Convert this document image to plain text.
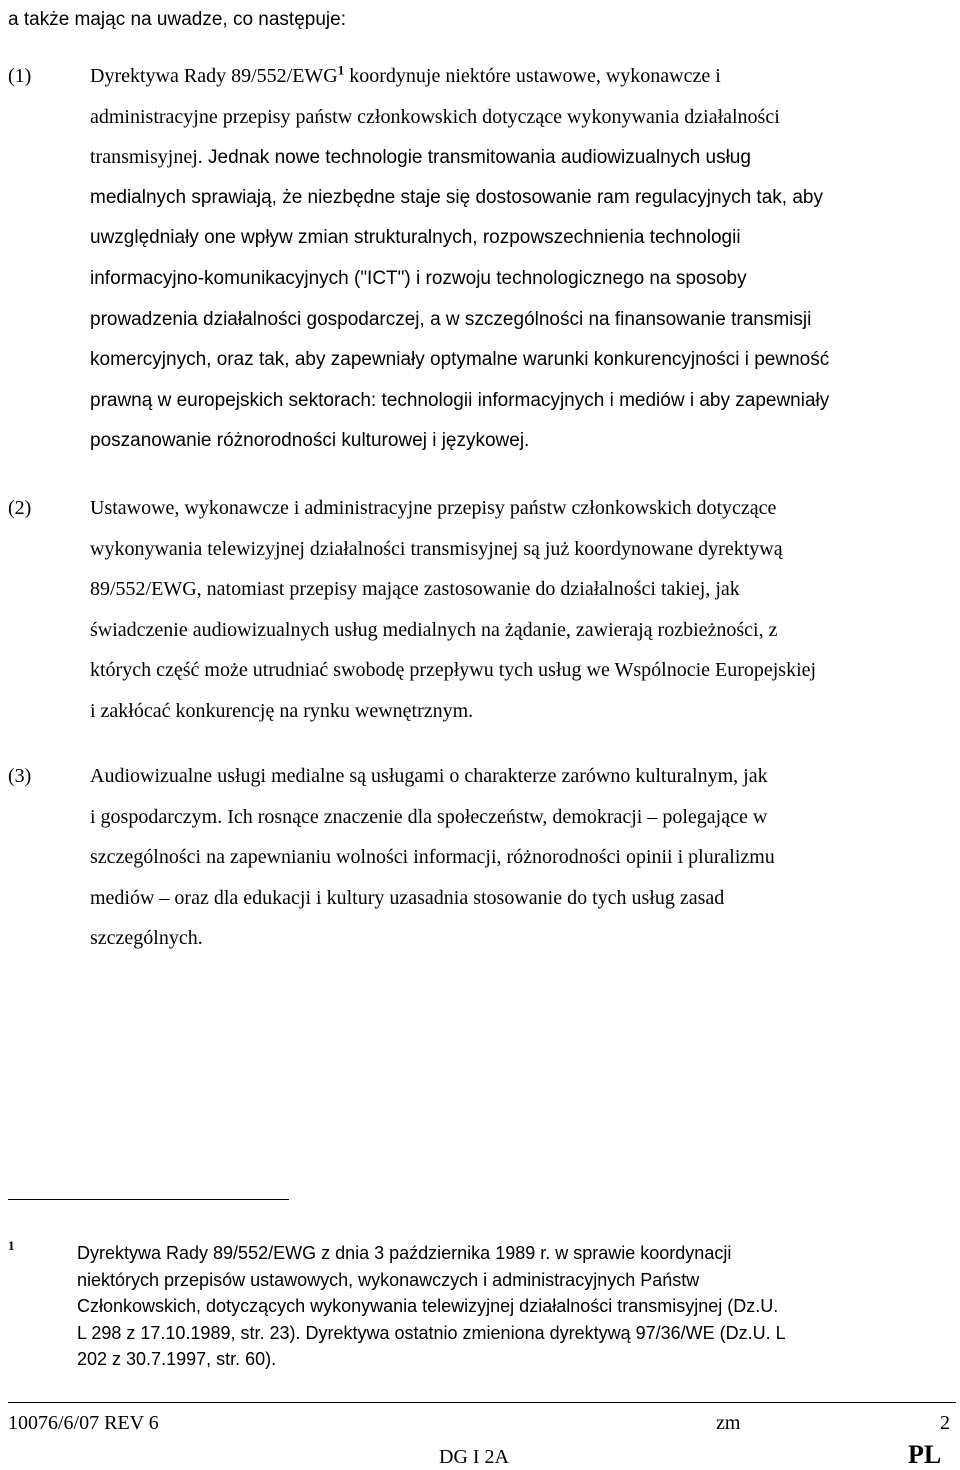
a także mając na uwadze, co następuje:
(1)	Dyrektywa Rady 89/552/EWG$^1$ koordynuje niektóre ustawowe, wykonawcze i
administracyjne przepisy państw członkowskich dotyczące wykonywania działalności
transmisyjnej. Jednak nowe technologie transmitowania audiowizualnych usług
medialnych sprawiają, że niezbędne staje się dostosowanie ram regulacyjnych tak, aby
uwzględniały one wpływ zmian strukturalnych, rozpowszechnienia technologii
informacyjno-komunikacyjnych ("ICT") i rozwoju technologicznego na sposoby
prowadzenia działalności gospodarczej, a w szczególności na finansowanie transmisji
komercyjnych, oraz tak, aby zapewniały optymalne warunki konkurencyjności i pewność
prawną w europejskich sektorach: technologii informacyjnych i mediów i aby zapewniały
poszanowanie różnorodności kulturowej i językowej.
(2)	Ustawowe, wykonawcze i administracyjne przepisy państw członkowskich dotyczące
wykonywania telewizyjnej działalności transmisyjnej są już koordynowane dyrektywą
89/552/EWG, natomiast przepisy mające zastosowanie do działalności takiej, jak
świadczenie audiowizualnych usług medialnych na żądanie, zawierają rozbieżności, z
których część może utrudniać swobodę przepływu tych usług we Wspólnocie Europejskiej
i zakłócać konkurencję na rynku wewnętrznym.
(3)	Audiowizualne usługi medialne są usługami o charakterze zarówno kulturalnym, jak
i gospodarczym. Ich rosnące znaczenie dla społeczeństw, demokracji – polegające w
szczególności na zapewnianiu wolności informacji, różnorodności opinii i pluralizmu
mediów – oraz dla edukacji i kultury uzasadnia stosowanie do tych usług zasad
szczególnych.
1	Dyrektywa Rady 89/552/EWG z dnia 3 października 1989 r. w sprawie koordynacji
niektórych przepisów ustawowych, wykonawczych i administracyjnych Państw
Członkowskich, dotyczących wykonywania telewizyjnej działalności transmisyjnej (Dz.U.
L 298 z 17.10.1989, str. 23). Dyrektywa ostatnio zmieniona dyrektywą 97/36/WE (Dz.U. L
202 z 30.7.1997, str. 60).
10076/6/07 REV 6	zm	2
DG I 2A	PL
